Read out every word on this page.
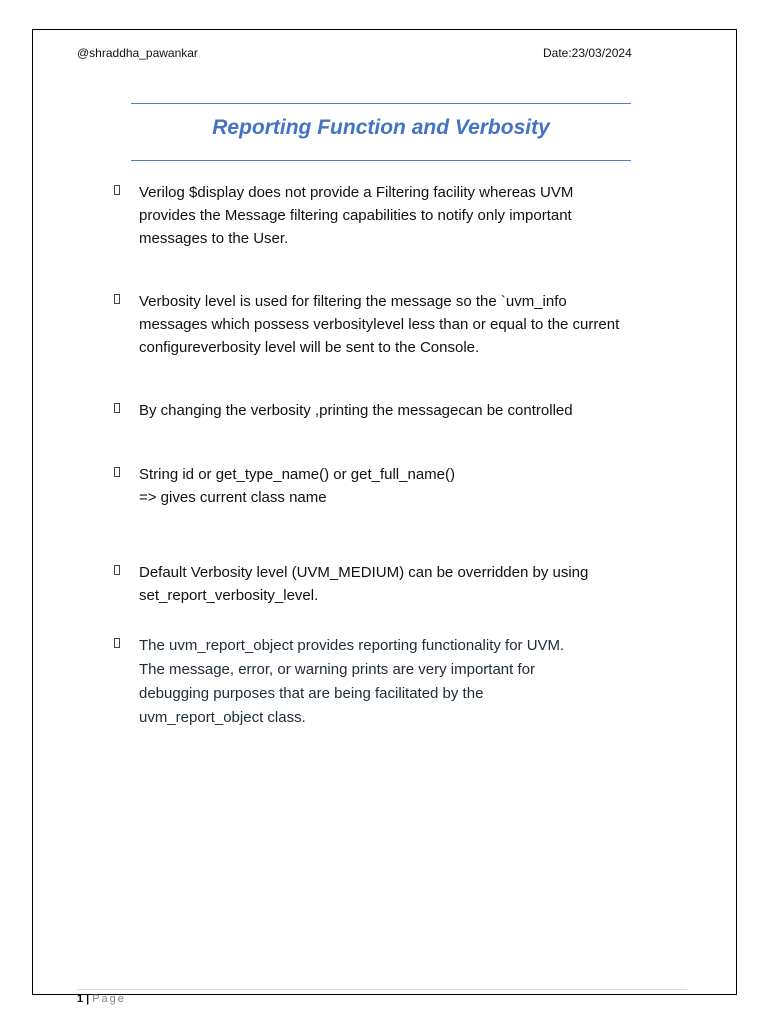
@shraddha_pawankar	Date:23/03/2024
Reporting Function and Verbosity
Verilog $display does not provide a Filtering facility whereas UVM
provides the Message filtering capabilities to notify only important
messages to the User.
Verbosity level is used for filtering the message so the `uvm_info
messages which possess verbositylevel less than or equal to the current
configureverbosity level will be sent to the Console.
By changing the verbosity ,printing the messagecan be controlled
String id or get_type_name() or get_full_name()
=> gives current class name
Default Verbosity level (UVM_MEDIUM) can be overridden by using
set_report_verbosity_level.
The uvm_report_object provides reporting functionality for UVM.
The message, error, or warning prints are very important for
debugging purposes that are being facilitated by the
uvm_report_object class.
1 | Page
